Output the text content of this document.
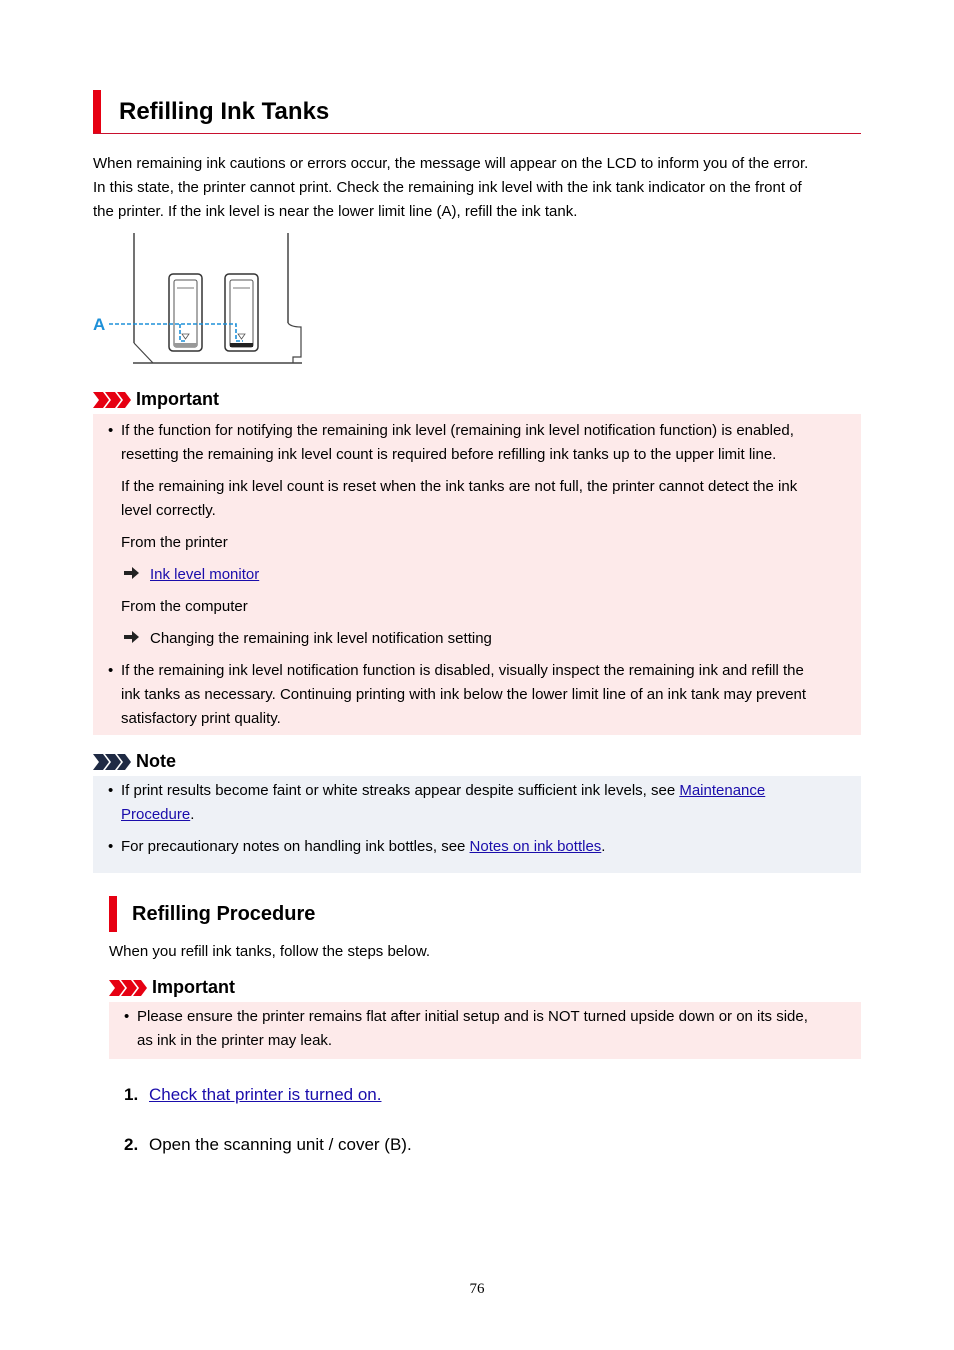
Refilling Ink Tanks
When remaining ink cautions or errors occur, the message will appear on the LCD to inform you of the error.
In this state, the printer cannot print. Check the remaining ink level with the ink tank indicator on the front of
the printer. If the ink level is near the lower limit line (A), refill the ink tank.
A
Important
• If the function for notifying the remaining ink level (remaining ink level notification function) is enabled,
resetting the remaining ink level count is required before refilling ink tanks up to the upper limit line.
If the remaining ink level count is reset when the ink tanks are not full, the printer cannot detect the ink
level correctly.
From the printer
Ink level monitor
From the computer
Changing the remaining ink level notification setting
• If the remaining ink level notification function is disabled, visually inspect the remaining ink and refill the
ink tanks as necessary. Continuing printing with ink below the lower limit line of an ink tank may prevent
satisfactory print quality.
Note
• If print results become faint or white streaks appear despite sufficient ink levels, see Maintenance
Procedure.
• For precautionary notes on handling ink bottles, see Notes on ink bottles.
Refilling Procedure
When you refill ink tanks, follow the steps below.
Important
• Please ensure the printer remains flat after initial setup and is NOT turned upside down or on its side,
as ink in the printer may leak.
1. Check that printer is turned on.
2. Open the scanning unit / cover (B).
76
